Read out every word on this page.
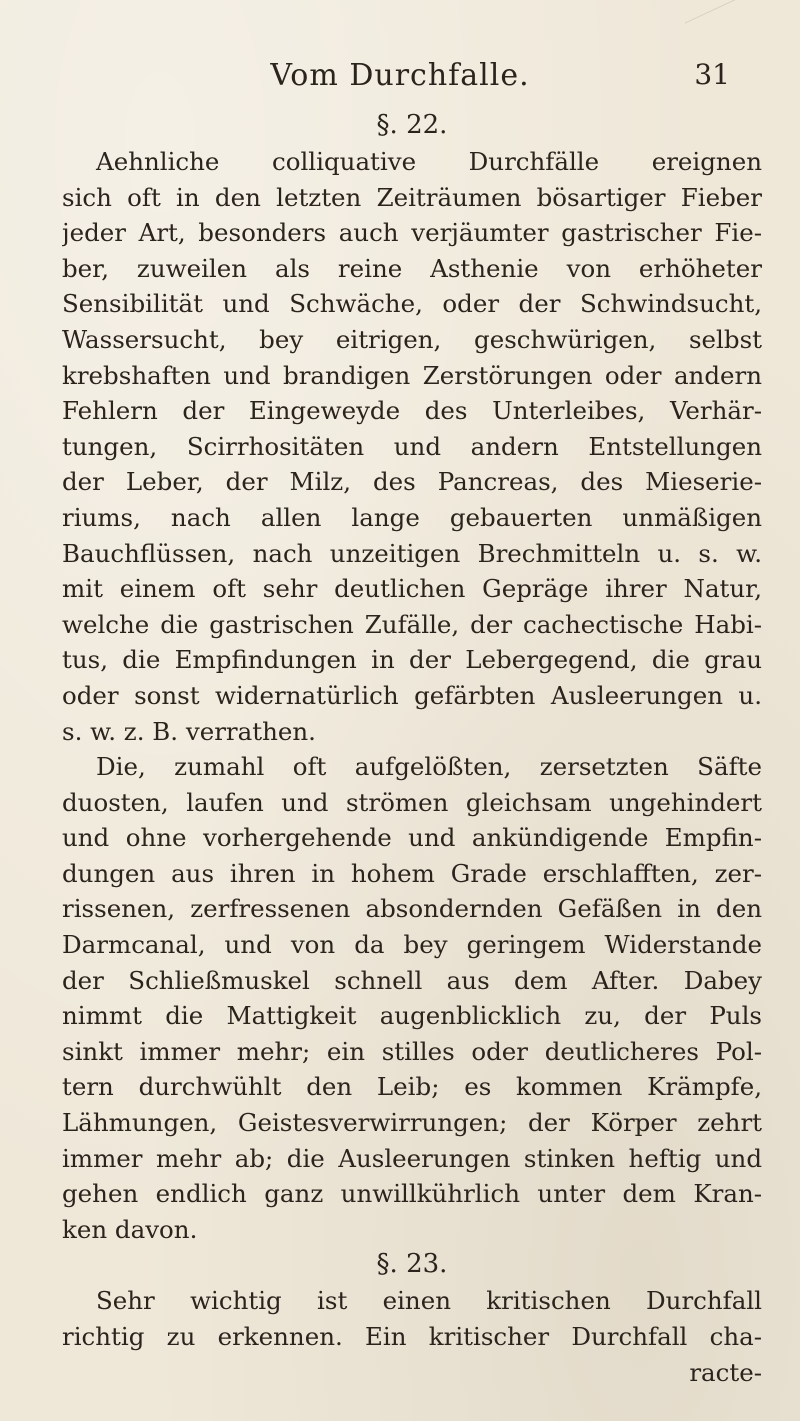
Vom Durchfalle.	31
§. 22.
Aehnliche colliquative Durchfälle ereignen
sich oft in den letzten Zeiträumen bösartiger Fieber
jeder Art, besonders auch verjäumter gastrischer Fie-
ber, zuweilen als reine Asthenie von erhöheter
Sensibilität und Schwäche, oder der Schwindsucht,
Wassersucht, bey eitrigen, geschwürigen, selbst
krebshaften und brandigen Zerstörungen oder andern
Fehlern der Eingeweyde des Unterleibes, Verhär-
tungen, Scirrhositäten und andern Entstellungen
der Leber, der Milz, des Pancreas, des Mieserie-
riums, nach allen lange gebauerten unmäßigen
Bauchflüssen, nach unzeitigen Brechmitteln u. s. w.
mit einem oft sehr deutlichen Gepräge ihrer Natur,
welche die gastrischen Zufälle, der cachectische Habi-
tus, die Empfindungen in der Lebergegend, die grau
oder sonst widernatürlich gefärbten Ausleerungen u.
s. w. z. B. verrathen.
Die, zumahl oft aufgelößten, zersetzten Säfte
duosten, laufen und strömen gleichsam ungehindert
und ohne vorhergehende und ankündigende Empfin-
dungen aus ihren in hohem Grade erschlafften, zer-
rissenen, zerfressenen absondernden Gefäßen in den
Darmcanal, und von da bey geringem Widerstande
der Schließmuskel schnell aus dem After. Dabey
nimmt die Mattigkeit augenblicklich zu, der Puls
sinkt immer mehr; ein stilles oder deutlicheres Pol-
tern durchwühlt den Leib; es kommen Krämpfe,
Lähmungen, Geistesverwirrungen; der Körper zehrt
immer mehr ab; die Ausleerungen stinken heftig und
gehen endlich ganz unwillkührlich unter dem Kran-
ken davon.
§. 23.
Sehr wichtig ist einen kritischen Durchfall
richtig zu erkennen. Ein kritischer Durchfall cha-
racte-
